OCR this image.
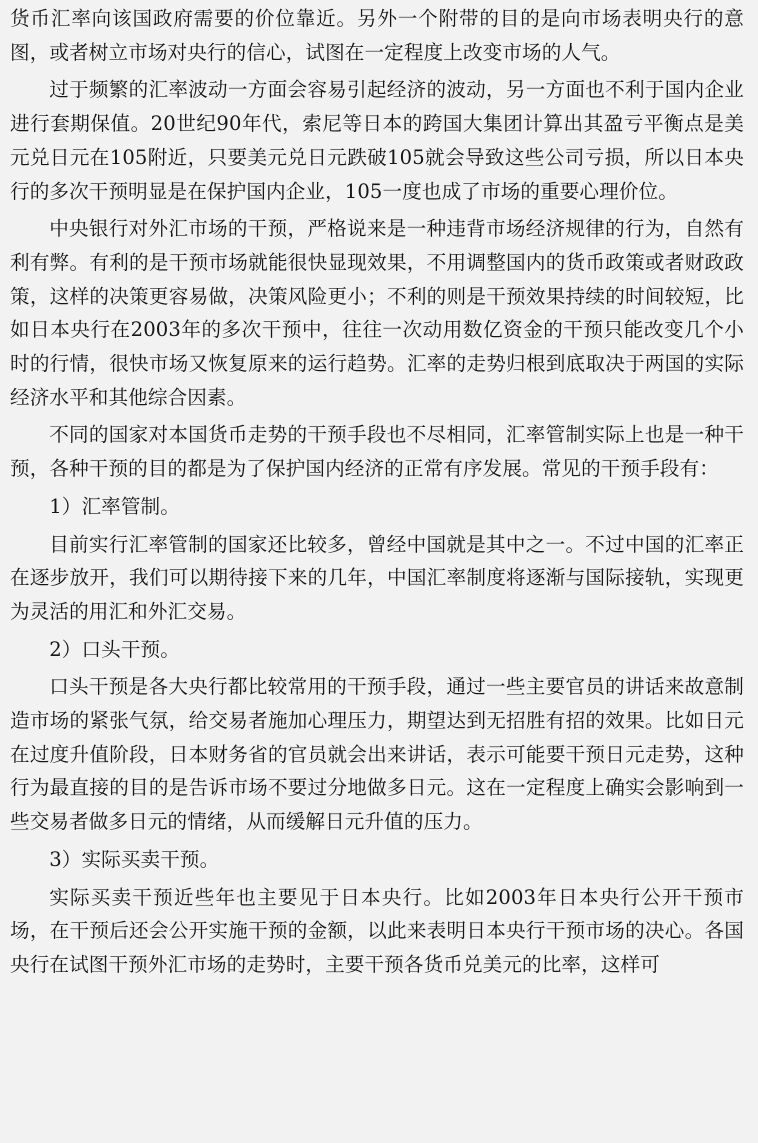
货币汇率向该国政府需要的价位靠近。另外一个附带的目的是向市场表明央行的意图，或者树立市场对央行的信心，试图在一定程度上改变市场的人气。

过于频繁的汇率波动一方面会容易引起经济的波动，另一方面也不利于国内企业进行套期保值。20世纪90年代，索尼等日本的跨国大集团计算出其盈亏平衡点是美元兑日元在105附近，只要美元兑日元跌破105就会导致这些公司亏损，所以日本央行的多次干预明显是在保护国内企业，105一度也成了市场的重要心理价位。

中央银行对外汇市场的干预，严格说来是一种违背市场经济规律的行为，自然有利有弊。有利的是干预市场就能很快显现效果，不用调整国内的货币政策或者财政政策，这样的决策更容易做，决策风险更小；不利的则是干预效果持续的时间较短，比如日本央行在2003年的多次干预中，往往一次动用数亿资金的干预只能改变几个小时的行情，很快市场又恢复原来的运行趋势。汇率的走势归根到底取决于两国的实际经济水平和其他综合因素。

不同的国家对本国货币走势的干预手段也不尽相同，汇率管制实际上也是一种干预，各种干预的目的都是为了保护国内经济的正常有序发展。常见的干预手段有：

1）汇率管制。

目前实行汇率管制的国家还比较多，曾经中国就是其中之一。不过中国的汇率正在逐步放开，我们可以期待接下来的几年，中国汇率制度将逐渐与国际接轨，实现更为灵活的用汇和外汇交易。

2）口头干预。

口头干预是各大央行都比较常用的干预手段，通过一些主要官员的讲话来故意制造市场的紧张气氛，给交易者施加心理压力，期望达到无招胜有招的效果。比如日元在过度升值阶段，日本财务省的官员就会出来讲话，表示可能要干预日元走势，这种行为最直接的目的是告诉市场不要过分地做多日元。这在一定程度上确实会影响到一些交易者做多日元的情绪，从而缓解日元升值的压力。

3）实际买卖干预。

实际买卖干预近些年也主要见于日本央行。比如2003年日本央行公开干预市场，在干预后还会公开实施干预的金额，以此来表明日本央行干预市场的决心。各国央行在试图干预外汇市场的走势时，主要干预各货币兑美元的比率，这样可
